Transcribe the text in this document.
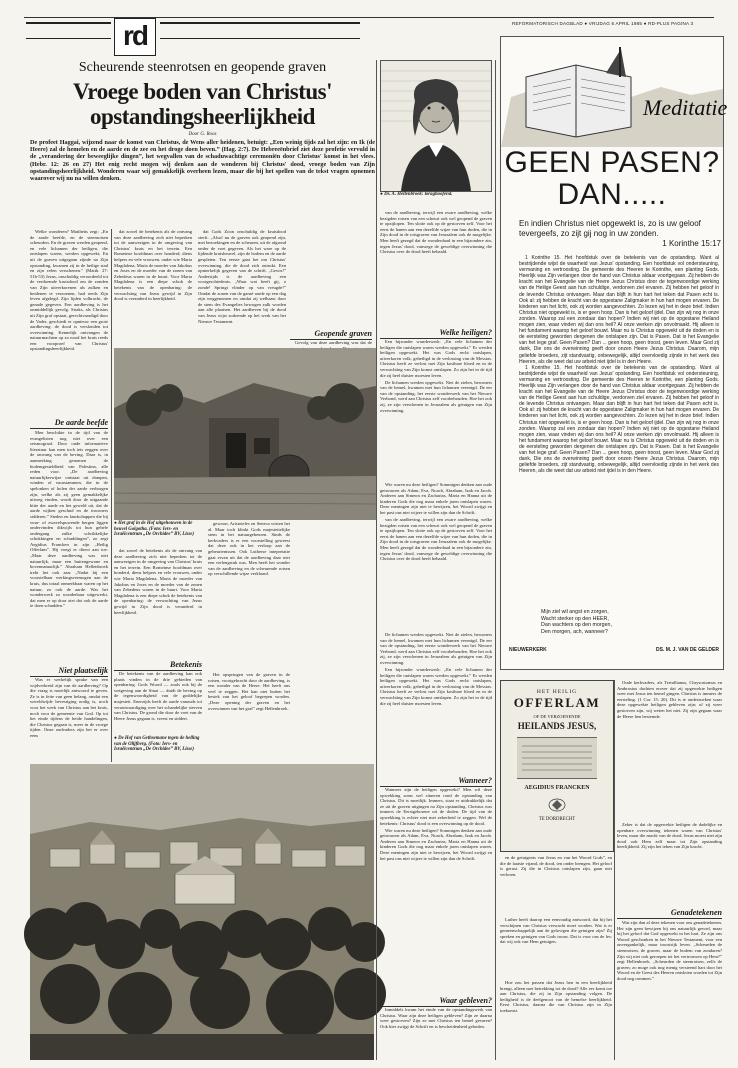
rd	REFORMATORISCH DAGBLAD ● VRIJDAG 6 APRIL 1985 ● RD-PLUS PAGINA 3
Scheurende steenrotsen en geopende graven
Vroege boden van Christus'
opstandingsheerlijkheid
Door G. Roos
De profeet Haggai, wijzend naar de komst van Christus, de Wens aller heidenen, betuigt: „Een weinig tijds zal het zijn: en Ik (de Heere) zal de hemelen en de aarde en de zee en het droge doen beven.” (Hag. 2:7). De Hebreeënbrief ziet deze profetie vervuld in de „verandering der beweeglijke dingen”, het wegvallen van de schaduwachtige ceremoniën door Christus' komst in het vlees. (Hebr. 12: 26 en 27) Het enig recht mogen wij denken aan de wonderen bij Christus' dood, vroege boden van Zijn opstandingsheerlijkheid. Wonderen waar wij gemakkelijk overheen lezen, maar die bij het spellen van de tekst vragen opnemen waarover wij nu na willen denken.
● Ds. A. Hellenbroek: toraghoofend.

Welke wonderen? Mattheüs zegt: „En de aarde beefde, en de steenrotsen scheurden. En de graven werden geopend, en vele lichamen der heiligen, die ontslapen waren, werden opgewekt; En uit de graven uitgegaan zijnde na Zijn opstanding, kwamen zij in de heilige stad en zijn velen verschenen.” (Matth. 27: 51b-53) Jezus, onschuldig veroordeeld tot de verdoemde kruisdood om de zonden van Zijn uitverkorenen als zulken en heidenen te verzoenen, had reeds Zijn leven afgelegd. Zijn lijden volbracht, de genade gegeven. Een aardbeving is het onmiddellijk gevolg. Straks, als Christus uit Zijn graf opstaat, gerechtvaardigd door de Vader, geschiedt er opnieuw een grote aardbeving: de dood is verslonden tot overwinning. Kennelijk ontvangen de natuurmachten op zo nood het kruis reeds een voorproef van Christus' opstandingsheerlijkheid.

De aarde beefde

Men beschikte in de tijd van de evangelisten nog niet over een seismograaf. Door oude informatieve literatuur kan men toch iets zeggen over de omvang van de beving. Daar is, in aanmerking genomen de bodemgesteldheid van Palestina, alle reden voor. „De aardbeving natuurlijkerwijze ontstaat uit dampen, winden of vuurstammen, die in de spelonken of holen der aarde verborgen zijn, welke als zij geen gemakkelijke uitweg vinden, wordt door de uitgaande hitte der aarde en het geweld uit, dat de aarde wijken geschud en de inwoners sidderen.” Steden en landschappen die bij vuur- of zwavelspuwende bergen liggen ondervinden dikwijls tot hun gehele ondergang zulke schrikkelijke schokkingen en schuddingen”, zo zegt Aegidius Francken in zijn „Heilig Offerlam”. Hij voegt er direct aan toe: „Maar deze aardbeving was niet natuurlijk, maar een buitengewone en bovennatuurlijk.” Abraham Hellenbroek trekt het ook aan: „Nadat bij een voorstelbaar werkingsvermogen aan de kruis, dus totaal onmerkbaar waren op het natuur, zo ook de aarde. Was het wonderwerk zo wonderbaar uitgewerkt, dat men er op door ziet dat ook de aarde te doen schudden.”

Niet plaatselijk

Was er werkelijk sprake van een wijdverbreid zijn van de aardbeving? Op die vraag is moeilijk antwoord te geven. Ze is in feite van geen belang, omdat een wereldwijde bevestiging nodig is, noch voor het werk van Christus aan het kruis, noch voor de gemeente van God. Op tot het einde tijdens de beide handelingen, die Christus gegaan is, meer in de vroege tijden. Onze oudvaders zijn het er over eens

dat zowel de betekenis als de ontvang van deze aardbeving zich niet beperken tot de aanwezigen in de omgeving van Christus' kruis en het terrein. Een Romeinse hoofdman over honderd, diens helpers en vele vrouwen, onder wie Maria Magdalena, Maria de moeder van Jakobus en Joses en de moeder van de zonen van Zebedeus waren in de buurt. Voor Maria Magdalena is een diepe schok de betekenis van de openbaring: de verwachting van Jezus gewijd in Zijn dood is veranderd in heerlijkheid.

dat Gods Zoon onschuldig de kruisdood sterft. „Alsof nu de graven ook geopend zijn, met bezoekingen en de scheuren, uit de afgrond onder de voet gegeven. Als het ware op de lijdende kruisheuvel, zijn de bodem en de aarde gespleten. Ten eerste gaat het om Christus' overwinning, die de dood zich ontrukt. Een opmerkelijk gegeven van de schrift. „Gewis!” Andersijds is de aardbeving een voorgeschiedenis. „Waar wat beeft gij, o zonde! Springt vlinder op van vreugde!” Omdat de zonen van de gansé aarde op een dag zijn weggenomen en omdat zij welhaast door de stem des Evangelies bewogen zulk worden aan alle plaatsen. Het aardbeven bij de dood van Jezus wijst zodoende op het werk van het Nieuwe Testament.

Geopende graven

Gevolg van deze aardbeving was dat de

● Het graf in de Hof uitgehouwen in de heuvel Golgotha. (Foto: Iers- en Israëlcentrum „De Orchidee” BV, Lisse)

dat zowel de betekenis als de ontvang van deze aardbeving zich niet beperken tot de aanwezigen in de omgeving van Christus' kruis en het terrein. Een Romeinse hoofdman over honderd, diens helpers en vele vrouwen, onder wie Maria Magdalena, Maria de moeder van Jakobus en Joses en de moeder van de zonen van Zebedeus waren in de buurt. Voor Maria Magdalena is een diepe schok de betekenis van de openbaring: de verwachting van Jezus gewijd in Zijn dood is veranderd in heerlijkheid.

Betekenis

De betekenis van de aardbeving kan ook plaats vinden in de drie gebieden van openbaring. Gods Woord — zoals ook bij de wetgeving aan de Sinaï — duidt de beving op de tegenwoordigheid van de goddelijke majesteit. Enerzijds heeft de aarde vanouds tot verontwaardiging over het schandelijke sterven van Christus. De grond die door de voet van de Heere Jezus gegaan is, vreest en siddert.

● De Hof van Gethsemane tegen de helling van de Olijfberg. (Foto: Iers- en Israëlcentrum „De Orchidee” BV, Lisse)

gewoon, Aristoteles en Seneca wisten het al. Maar toch klinkt Gods majesteitelijke stem in het natuurgebeuren. Sinds de kerkvaders is er een voorstelling geweest dat deze ook in het verloop aan de gebeurtenissen. Ook Lutherse intepretatie gaat ervan uit dat de aardbeving daar niet een verlengstuk was. Men heeft het wonder van de aardbeving en de scheurende rotsen op verschillende wijze verklaard.

Het opspringen van de graven in de rotsen, voortgebracht door de aardbeving, is een wonder van de Heere. Het heeft ons veel te zeggen. Het kan niet buiten het bestek van het geloof begrepen worden. „Deze opening der graven en het overwinnen van het graf” zegt Hellenbroek.

van de aardbeving, terwijl een zware aardbeving, welke bezigden rotsen van een scheurt ook wel geopend de graven te opzijlopen. Ten slotte ook op de gestorven zelf. Voor het eerst de hanen aan een dezelfde wijze van hun doden, die in Zijn dood in de rotsgraven van Jeruzalem ook de mogelijke. Men heeft gezegd dat de wonderdaad in een bijzondere zin, tegen Jezus' dood, vanwege de geweldige overwinning die Christus over de dood heeft behaald.

Welke heiligen?

Een bijzonder wonderwerk: „En vele lichamen der heiligen die ontslapen waren werden opgewekt.” Er werden heiligen opgewekt. Het was Gods recht ontslapen, uitverkoren volk, geheiligd in de verlossing van de Messias. Christus heeft ze verlost met Zijn kostbare bloed en in de verwachting van Zijn komst ontslapen. Zo zijn het in de tijd die zij heel duister moesten leven.

De lichamen werden opgewekt. Niet de zielen, bewoners van de hemel, kwamen met hun lichamen verenigd. De eer van de opstanding, het eerste wonderwerk van het Nieuwe Verbond, werd aan Christus zelf voorbehouden. Hoe het ook zij, ze zijn verschenen in Jeruzalem als getuigen van Zijn overwinning.

Wie waren nu deze heiligen? Sommigen denken aan oude getrouwen als Adam, Eva, Noach, Abraham, Izak en Jacob. Anderen aan Simeon en Zacharias, Maria en Hanna uit de kinderen Gods die nog maar enkele jaren ontslapen waren. Deze meningen zijn niet te bewijzen, het Woord zwijgt en het past ons niet wijzer te willen zijn dan de Schrift.

van de aardbeving, terwijl een zware aardbeving, welke bezigden rotsen van een scheurt ook wel geopend de graven te opzijlopen. Ten slotte ook op de gestorven zelf. Voor het eerst de hanen aan een dezelfde wijze van hun doden, die in Zijn dood in de rotsgraven van Jeruzalem ook de mogelijke. Men heeft gezegd dat de wonderdaad in een bijzondere zin, tegen Jezus' dood, vanwege de geweldige overwinning die Christus over de dood heeft behaald.

De lichamen werden opgewekt. Niet de zielen, bewoners van de hemel, kwamen met hun lichamen verenigd. De eer van de opstanding, het eerste wonderwerk van het Nieuwe Verbond, werd aan Christus zelf voorbehouden. Hoe het ook zij, ze zijn verschenen in Jeruzalem als getuigen van Zijn overwinning.

Een bijzonder wonderwerk: „En vele lichamen der heiligen die ontslapen waren werden opgewekt.” Er werden heiligen opgewekt. Het was Gods recht ontslapen, uitverkoren volk, geheiligd in de verlossing van de Messias. Christus heeft ze verlost met Zijn kostbare bloed en in de verwachting van Zijn komst ontslapen. Zo zijn het in de tijd die zij heel duister moesten leven.

Wanneer?

Wanneer zijn de heiligen opgewekt? Men wil deze opwekking soms wel situeren rond de opstanding van Christus. Dit is moeilijk. Immers, staat er uitdrukkelijk dat ze uit de graven uitgingen na Zijn opstanding. Christus was immers de Eerstgeborene uit de doden. De tijd van de opwekking is echter niet met zekerheid te zeggen. Wel de betekenis: Christus' dood is een overwinning op de dood.

Wie waren nu deze heiligen? Sommigen denken aan oude getrouwen als Adam, Eva, Noach, Abraham, Izak en Jacob. Anderen aan Simeon en Zacharias, Maria en Hanna uit de kinderen Gods die nog maar enkele jaren ontslapen waren. Deze meningen zijn niet te bewijzen, het Woord zwijgt en het past ons niet wijzer te willen zijn dan de Schrift.

Waar gebleven?

Inmiddels kwam het einde van de opstandingswerk van Christus. Waar zijn deze heiligen gebleven? Zijn ze daarna weer gestorven? Zijn ze met Christus ten hemel gevaren? Ook hier zwijgt de Schrift en is bescheidenheid geboden.

Meditatie
GEEN PASEN?
DAN.....
En indien Christus niet opgewekt is, zo is uw geloof tevergeefs, zo zijt gij nog in uw zonden.
1 Korinthe 15:17

1 Korinthe 15. Het hoofdstuk over de betekenis van de opstanding. Want al bestrijdende wijst de waarheid van Jezus' opstanding. Een hoofdstuk vol ondersteuning, vermaning en vertroosting. De gemeente des Heeren te Korinthe, een planting Gods. Heerlijk was Zijn verlangen door de hand van Christus aldaar voortgegaan. Zij hebben de kracht van het Evangelie van de Heere Jezus Christus door de tegenwoordige werking van de Heilige Geest aan hun schuldige, verdorven ziel ervaren. Zij hebben het geloof in de levende Christus ontvangen. Maar dan blijft in hun hart het teken dat Pasen echt is. Ook al: zij hebben de kracht van de opgestane Zaligmaker in hun hart mogen ervaren. De kinderen van het licht, ook zij worden aangevochten. Zo lezen wij het in deze brief. Indien Christus niet opgewekt is, is er geen hoop. Dan is het geloof ijdel. Dan zijn wij nog in onze zonden. Waarop zal een zondaar dan hopen? Indien wij niet op de opgestane Heiland mogen zien, waar vinden wij dan ons heil? Al onze werken zijn onvolmaakt. Hij alleen is het fundament waarop het geloof bouwt. Maar nu is Christus opgewekt uit de doden en is de eersteling geworden dergenen die ontslapen zijn. Dat is Pasen. Dat is het Evangelie van het lege graf. Geen Pasen? Dan ... geen hoop, geen troost, geen leven. Maar God zij dank, Die ons de overwinning geeft door onzen Heere Jezus Christus. Daarom, mijn geliefde broeders, zijt standvastig, onbewegelijk, altijd overvloedig zijnde in het werk des Heeren, als die weet dat uw arbeid niet ijdel is in den Heere.

1 Korinthe 15. Het hoofdstuk over de betekenis van de opstanding. Want al bestrijdende wijst de waarheid van Jezus' opstanding. Een hoofdstuk vol ondersteuning, vermaning en vertroosting. De gemeente des Heeren te Korinthe, een planting Gods. Heerlijk was Zijn verlangen door de hand van Christus aldaar voortgegaan. Zij hebben de kracht van het Evangelie van de Heere Jezus Christus door de tegenwoordige werking van de Heilige Geest aan hun schuldige, verdorven ziel ervaren. Zij hebben het geloof in de levende Christus ontvangen. Maar dan blijft in hun hart het teken dat Pasen echt is. Ook al: zij hebben de kracht van de opgestane Zaligmaker in hun hart mogen ervaren. De kinderen van het licht, ook zij worden aangevochten. Zo lezen wij het in deze brief. Indien Christus niet opgewekt is, is er geen hoop. Dan is het geloof ijdel. Dan zijn wij nog in onze zonden. Waarop zal een zondaar dan hopen? Indien wij niet op de opgestane Heiland mogen zien, waar vinden wij dan ons heil? Al onze werken zijn onvolmaakt. Hij alleen is het fundament waarop het geloof bouwt. Maar nu is Christus opgewekt uit de doden en is de eersteling geworden dergenen die ontslapen zijn. Dat is Pasen. Dat is het Evangelie van het lege graf. Geen Pasen? Dan ... geen hoop, geen troost, geen leven. Maar God zij dank, Die ons de overwinning geeft door onzen Heere Jezus Christus. Daarom, mijn geliefde broeders, zijt standvastig, onbewegelijk, altijd overvloedig zijnde in het werk des Heeren, als die weet dat uw arbeid niet ijdel is in den Heere.

Mijn ziel wil angst en zorgen,
Wacht sterker op den HEER,
Dan wachters op den morgen,
Den morgen, ach, wanneer?
NIEUWERKERK	DS. M. J. VAN DE GELDER
HET HEILIG
OFFERLAM
OF DE VERZOENENDE
HEILANDS JESUS,
AEGIDIUS FRANCKEN
TE DORDRECHT

Oude kerkvaders, als Tertullianus, Chrysostomus en Ambrosius dachten erover dat zij opgewekte heiligen weer met Jezus ten hemel gingen. Christus is immers de eersteling. (1 Cor. 15: 20). Dit is te onderzoeken waar deze opgewekte heiligen gebleven zijn; of zij weer gestorven zijn, wij weten het niet. Zij zijn gegaan waar de Heere hen bestemde.

Zeker is dat de opgewekte heiligen de dadelijke en openbare overwinning tekenen waren van Christus' leven, maar die macht van de dood. Jezus moest niet zijn dood ook Hem zelf maar tot Zijn opstanding heerlijkheid. Zij zijn het teken van Zijn kracht.

Genadetekenen

Wat zijn dan al deze tekenen voor ons genadetekenen. Het zijn geen bewijzen bij ons natuurlijk gevoel, maar bij het geloof dat God opgewekt in het hart. Ze zijn ons Woord geschonken in het Nieuwe Testament, voor een onvergankelijk, maar troostrijk leven. „Scheurden de steenrotsen, de graven, maar de bodem van zondaren? Zijn wij niet ook geroepen tot het vertrouwen op Hem?” zegt Hellenbroek. „Scheurden de steenrotsen, zelfs de graven; zo moge ook nog menig versteend hart door het Woord en de Geest des Heeren ontsloten worden tot Zijn dood nog rommen.”

en de getuigenis van Jezus en van het Woord Gods”, en die de laatste vijand, de dood, ten onder brengen. Het geloof is gerust. Zij die in Christus ontslapen zijn, gaan niet verloren.

Luther heeft daarop een eenvoudig antwoord, dat bij het verschijnen van Christus verwacht moet worden. Wat is er gemeenschappelijk aan de gelovigen die getuigen zijn? Zij spreken en getuigen van Gods trouw. Dat is voor ons de les: dat wij ook van Hem getuigen.

Hoe zou het passen dat Jezus hen in een heerlijkheid brengt, alleen met betrekking tot de dood? Alle eer komt toe aan Christus, die zij in Zijn opstanding volgen. De heiligheid is de deelgenoot van de hemelse heerlijkheid. Eerst Christus, daarna die van Christus zijn in Zijn toekomst.
